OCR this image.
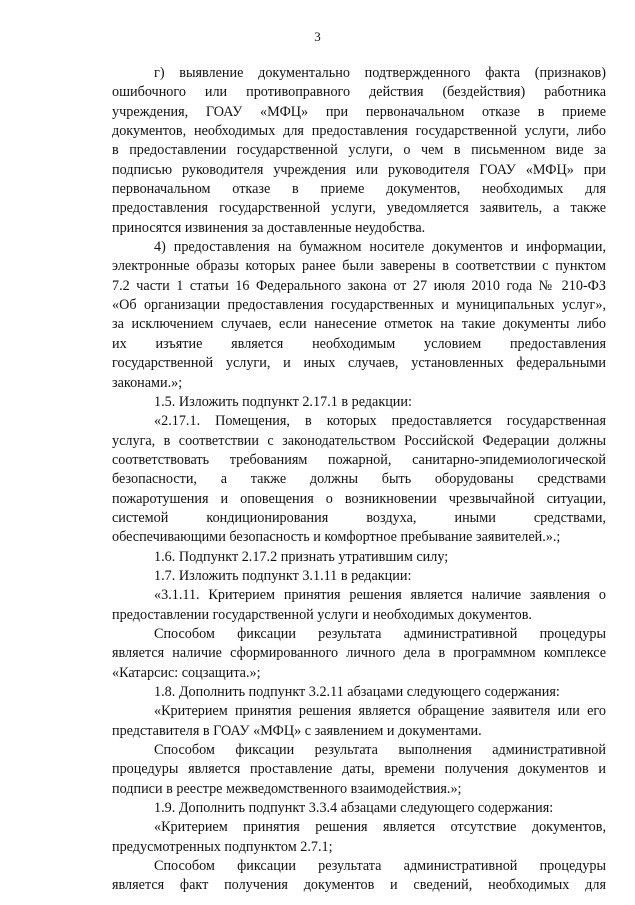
3
г) выявление документально подтвержденного факта (признаков)
ошибочного или противоправного действия (бездействия) работника
учреждения, ГОАУ «МФЦ» при первоначальном отказе в приеме
документов, необходимых для предоставления государственной услуги, либо
в предоставлении государственной услуги, о чем в письменном виде за
подписью руководителя учреждения или руководителя ГОАУ «МФЦ» при
первоначальном отказе в приеме документов, необходимых для
предоставления государственной услуги, уведомляется заявитель, а также
приносятся извинения за доставленные неудобства.
4) предоставления на бумажном носителе документов и информации,
электронные образы которых ранее были заверены в соответствии с пунктом
7.2 части 1 статьи 16 Федерального закона от 27 июля 2010 года № 210-ФЗ
«Об организации предоставления государственных и муниципальных услуг»,
за исключением случаев, если нанесение отметок на такие документы либо
их изъятие является необходимым условием предоставления
государственной услуги, и иных случаев, установленных федеральными
законами.»;
1.5. Изложить подпункт 2.17.1 в редакции:
«2.17.1. Помещения, в которых предоставляется государственная
услуга, в соответствии с законодательством Российской Федерации должны
соответствовать требованиям пожарной, санитарно-эпидемиологической
безопасности, а также должны быть оборудованы средствами
пожаротушения и оповещения о возникновении чрезвычайной ситуации,
системой кондиционирования воздуха, иными средствами,
обеспечивающими безопасность и комфортное пребывание заявителей.».;
1.6. Подпункт 2.17.2 признать утратившим силу;
1.7. Изложить подпункт 3.1.11 в редакции:
«3.1.11. Критерием принятия решения является наличие заявления о
предоставлении государственной услуги и необходимых документов.
Способом фиксации результата административной процедуры
является наличие сформированного личного дела в программном комплексе
«Катарсис: соцзащита.»;
1.8. Дополнить подпункт 3.2.11 абзацами следующего содержания:
«Критерием принятия решения является обращение заявителя или его
представителя в ГОАУ «МФЦ» с заявлением и документами.
Способом фиксации результата выполнения административной
процедуры является проставление даты, времени получения документов и
подписи в реестре межведомственного взаимодействия.»;
1.9. Дополнить подпункт 3.3.4 абзацами следующего содержания:
«Критерием принятия решения является отсутствие документов,
предусмотренных подпунктом 2.7.1;
Способом фиксации результата административной процедуры
является факт получения документов и сведений, необходимых для
